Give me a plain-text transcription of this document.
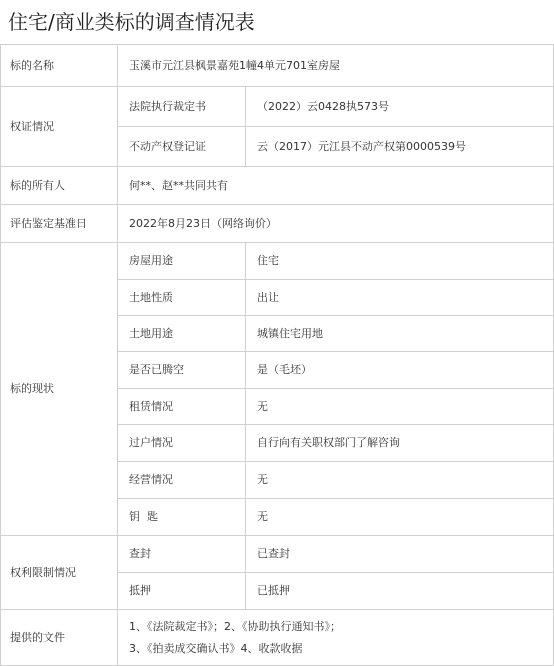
住宅/商业类标的调查情况表
标的名称	玉溪市元江县枫景嘉苑1幢4单元701室房屋	
权证情况	法院执行裁定书	（2022）云0428执573号
	不动产权登记证	云（2017）元江县不动产权第0000539号
标的所有人	何**、赵**共同共有	
评估鉴定基准日	2022年8月23日（网络询价）	
标的现状	房屋用途	住宅
	土地性质	出让
	土地用途	城镇住宅用地
	是否已腾空	是（毛坯）
	租赁情况	无
	过户情况	自行向有关职权部门了解咨询
	经营情况	无
	钥  匙	无
权利限制情况	查封	已查封
	抵押	已抵押
提供的文件	1、《法院裁定书》；2、《协助执行通知书》；
3、《拍卖成交确认书》4、收款收据	
